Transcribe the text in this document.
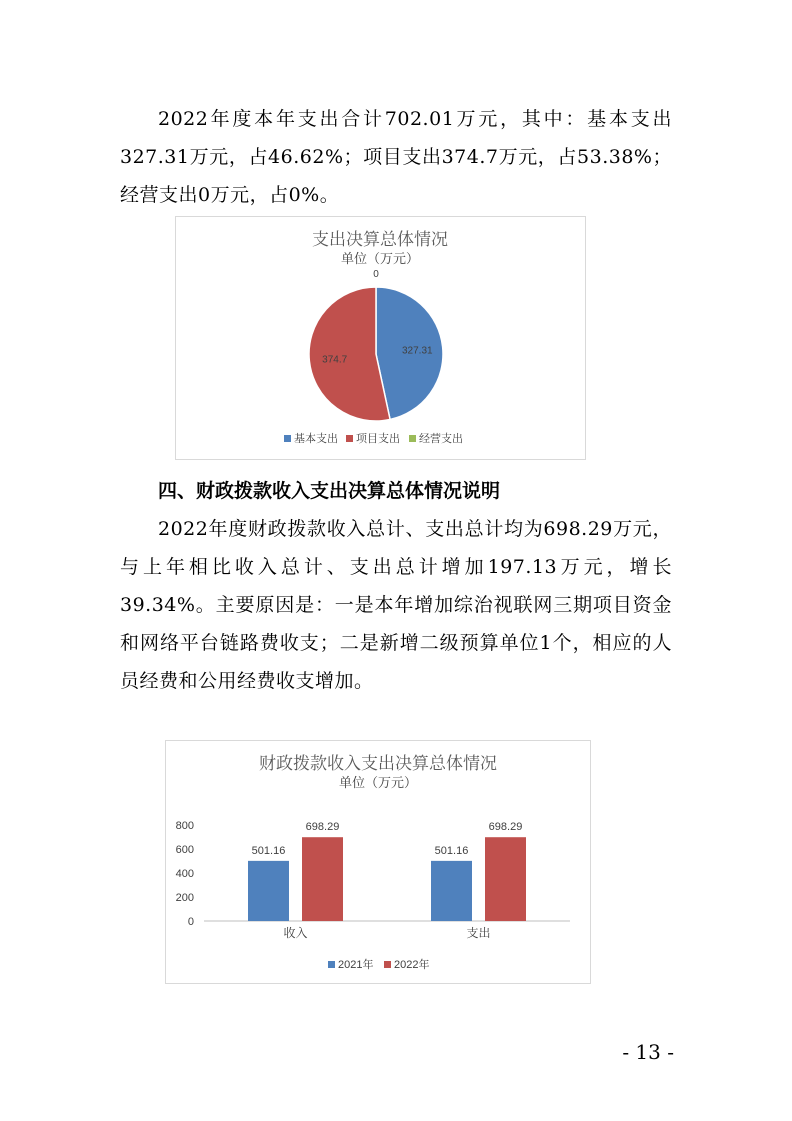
2022年度本年支出合计702.01万元，其中：基本支出327.31万元，占46.62%；项目支出374.7万元，占53.38%；经营支出0万元，占0%。

支出决算总体情况
单位（万元）
327.31
374.7
0
基本支出 项目支出 经营支出
四、财政拨款收入支出决算总体情况说明

2022年度财政拨款收入总计、支出总计均为698.29万元，与上年相比收入总计、支出总计增加197.13万元，增长39.34%。主要原因是：一是本年增加综治视联网三期项目资金和网络平台链路费收支；二是新增二级预算单位1个，相应的人员经费和公用经费收支增加。

财政拨款收入支出决算总体情况
单位（万元）
0
200
400
600
800
收入	支出
501.16
698.29
501.16
698.29
2021年 2022年
- 13 -
